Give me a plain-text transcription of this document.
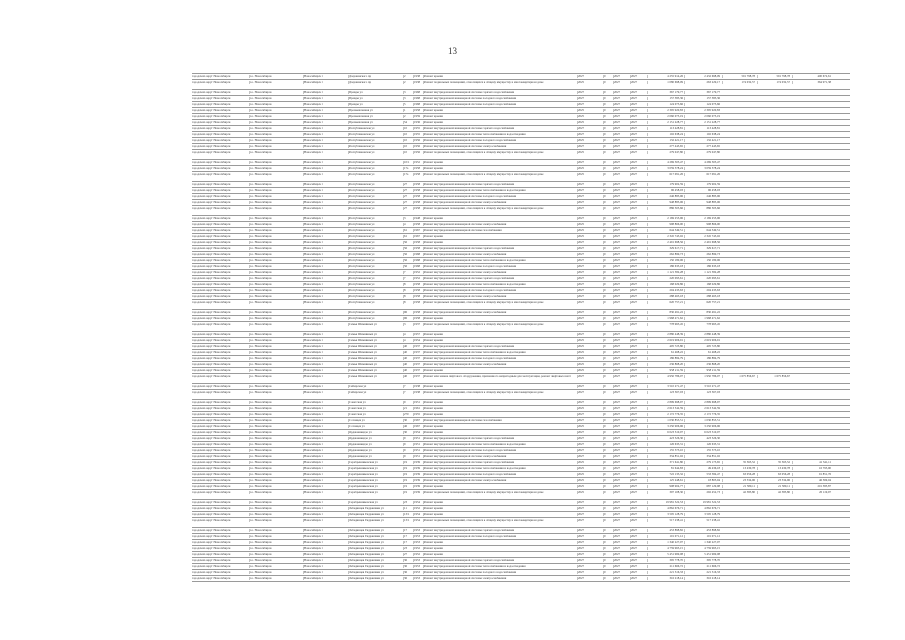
13
городской округ Новосибирск	г.о. Новосибирск	Новосибирск г	Дзержинского пр	2	1938	Ремонт крыши	2027	0	2027	2027	4 255 914,26	2 432 698,09	591 798,78	591 798,78	400 672,61
городской округ Новосибирск	г.о. Новосибирск	Новосибирск г	Дзержинского пр	2	1938	Ремонт подвальных помещений, относящихся к общему имуществу в многоквартирном доме	2025	0	2027	2027	1 080 698,09	263 229,17	174 032,57	174 032,57	364 971,38
городской округ Новосибирск	г.о. Новосибирск	Новосибирск г	Правды ул	3	1968	Ремонт внутридомовой инженерной системы горячего водоснабжения	2027	0	2027	2027	367 179,77	367 179,77
городской округ Новосибирск	г.о. Новосибирск	Новосибирск г	Правды ул	3	1968	Ремонт внутридомовой инженерной системы холодного водоснабжения	2027	0	2027	2027	157 383,36	157 383,36
городской округ Новосибирск	г.о. Новосибирск	Новосибирск г	Правды ул	5	1968	Ремонт внутридомовой инженерной системы холодного водоснабжения	2027	0	2027	2027	124 073,66	124 073,66
городской округ Новосибирск	г.о. Новосибирск	Новосибирск г	Промышленная ул	1	1958	Ремонт крыши	2025	0	2027	2027	2 395 920,83	2 395 920,83
городской округ Новосибирск	г.о. Новосибирск	Новосибирск г	Промышленная ул	2	1959	Ремонт крыши	2025	0	2027	2027	2 060 075,19	2 060 075,19
городской округ Новосибирск	г.о. Новосибирск	Новосибирск г	Промышленная ул	54	1936	Ремонт крыши	2025	0	2027	2027	2 151 228,77	2 151 228,77
городской округ Новосибирск	г.о. Новосибирск	Новосибирск г	Республиканская ул	10	1955	Ремонт внутридомовой инженерной системы горячего водоснабжения	2027	0	2027	2027	113 428,81	113 428,81
городской округ Новосибирск	г.о. Новосибирск	Новосибирск г	Республиканская ул	10	1955	Ремонт внутридомовой инженерной системы теплоснабжения и водоотведения	2027	0	2027	2027	102 638,24	102 638,24
городской округ Новосибирск	г.о. Новосибирск	Новосибирск г	Республиканская ул	10	1956	Ремонт внутридомовой инженерной системы холодного водоснабжения	2025	0	2027	2027	132 421,17	132 421,17
городской округ Новосибирск	г.о. Новосибирск	Новосибирск г	Республиканская ул	10	1956	Ремонт внутридомовой инженерной системы электроснабжения	2027	0	2027	2027	277 443,65	277 443,65
городской округ Новосибирск	г.о. Новосибирск	Новосибирск г	Республиканская ул	10	1956	Ремонт подвальных помещений, относящихся к общему имуществу в многоквартирном доме	2025	0	2027	2027	279 047,80	279 047,80
городской округ Новосибирск	г.о. Новосибирск	Новосибирск г	Республиканская ул	10/1	1952	Ремонт крыши	2027	0	2027	2027	4 269 303,47	4 269 303,47
городской округ Новосибирск	г.о. Новосибирск	Новосибирск г	Республиканская ул	17а	1958	Ремонт крыши	2025	0	2027	2027	3 059 578,24	3 059 578,24
городской округ Новосибирск	г.о. Новосибирск	Новосибирск г	Республиканская ул	17а	1958	Ремонт подвальных помещений, относящихся к общему имуществу в многоквартирном доме	2025	0	2027	2027	617 091,26	617 091,26
городской округ Новосибирск	г.о. Новосибирск	Новосибирск г	Республиканская ул	27	1958	Ремонт внутридомовой инженерной системы горячего водоснабжения	2027	0	2027	2027	179 902,59	179 902,59
городской округ Новосибирск	г.о. Новосибирск	Новосибирск г	Республиканская ул	27	1958	Ремонт внутридомовой инженерной системы теплоснабжения и водоотведения	2027	0	2027	2027	96 458,03	96 458,03
городской округ Новосибирск	г.о. Новосибирск	Новосибирск г	Республиканская ул	27	1958	Ремонт внутридомовой инженерной системы холодного водоснабжения	2027	0	2027	2027	246 883,96	246 883,96
городской округ Новосибирск	г.о. Новосибирск	Новосибирск г	Республиканская ул	27	1958	Ремонт внутридомовой инженерной системы электроснабжения	2027	0	2027	2027	948 885,06	948 885,06
городской округ Новосибирск	г.о. Новосибирск	Новосибирск г	Республиканская ул	27	1958	Ремонт подвальных помещений, относящихся к общему имуществу в многоквартирном доме	2027	0	2027	2027	886 505,66	886 505,66
городской округ Новосибирск	г.о. Новосибирск	Новосибирск г	Республиканская ул	3	1948	Ремонт крыши	2027	0	2027	2027	2 169 253,96	2 169 253,96
городской округ Новосибирск	г.о. Новосибирск	Новосибирск г	Республиканская ул	4	1958	Ремонт внутридомовой инженерной системы электроснабжения	2025	0	2027	2027	998 866,00	998 866,00
городской округ Новосибирск	г.о. Новосибирск	Новосибирск г	Республиканская ул	61	1967	Ремонт внутридомовой инженерной системы газоснабжения	2025	0	2027	2027	644 349,51	644 349,51
городской округ Новосибирск	г.о. Новосибирск	Новосибирск г	Республиканская ул	61	1967	Ремонт крыши	2025	0	2027	2027	2 345 743,02	2 345 743,02
городской округ Новосибирск	г.о. Новосибирск	Новосибирск г	Республиканская ул	56	1958	Ремонт крыши	2027	0	2027	2027	2 491 698,56	2 491 698,56
городской округ Новосибирск	г.о. Новосибирск	Новосибирск г	Республиканская ул	56	1958	Ремонт внутридомовой инженерной системы горячего водоснабжения	2027	0	2027	2027	329 617,71	329 617,71
городской округ Новосибирск	г.о. Новосибирск	Новосибирск г	Республиканская ул	56	1968	Ремонт внутридомовой инженерной системы электроснабжения	2027	0	2027	2027	262 899,73	262 899,73
городской округ Новосибирск	г.о. Новосибирск	Новосибирск г	Республиканская ул	56	1968	Ремонт внутридомовой инженерной системы теплоснабжения и водоотведения	2027	0	2027	2027	150 180,06	150 180,06
городской округ Новосибирск	г.о. Новосибирск	Новосибирск г	Республиканская ул	56	1968	Ремонт внутридомовой инженерной системы холодного водоснабжения	2027	0	2027	2027	186 633,18	186 633,18
городской округ Новосибирск	г.о. Новосибирск	Новосибирск г	Республиканская ул	7	1952	Ремонт внутридомовой инженерной системы электроснабжения	2027	0	2027	2027	1 121 582,28	1 121 582,28
городской округ Новосибирск	г.о. Новосибирск	Новосибирск г	Республиканская ул	7	1952	Ремонт внутридомовой инженерной системы горячего водоснабжения	2027	0	2027	2027	220 093,61	220 093,61
городской округ Новосибирск	г.о. Новосибирск	Новосибирск г	Республиканская ул	8	1958	Ремонт внутридомовой инженерной системы теплоснабжения и водоотведения	2027	0	2027	2027	168 029,86	168 029,86
городской округ Новосибирск	г.о. Новосибирск	Новосибирск г	Республиканская ул	8	1958	Ремонт внутридомовой инженерной системы холодного водоснабжения	2027	0	2027	2027	204 433,63	204 433,63
городской округ Новосибирск	г.о. Новосибирск	Новосибирск г	Республиканская ул	8	1958	Ремонт внутридомовой инженерной системы электроснабжения	2027	0	2027	2027	288 463,18	288 463,18
городской округ Новосибирск	г.о. Новосибирск	Новосибирск г	Республиканская ул	8	1958	Ремонт подвальных помещений, относящихся к общему имуществу в многоквартирном доме	2027	0	2027	2027	620 757,21	620 757,21
городской округ Новосибирск	г.о. Новосибирск	Новосибирск г	Республиканская ул	96	1958	Ремонт внутридомовой инженерной системы электроснабжения	2027	0	2027	2027	830 491,22	830 491,22
городской округ Новосибирск	г.о. Новосибирск	Новосибирск г	Республиканская ул	96	1958	Ремонт крыши	2027	0	2027	2027	1 968 471,62	1 968 471,62
городской округ Новосибирск	г.о. Новосибирск	Новосибирск г	Семьи Шамшиных ул	3	1937	Ремонт подвальных помещений, относящихся к общему имуществу в многоквартирном доме	2025	0	2027	2027	778 963,45	778 963,45
городской округ Новосибирск	г.о. Новосибирск	Новосибирск г	Семьи Шамшиных ул	4	1957	Ремонт крыши	2027	0	2027	2027	2 880 448,39	2 880 448,39
городской округ Новосибирск	г.о. Новосибирск	Новосибирск г	Семьи Шамшиных ул	4	1954	Ремонт крыши	2025	0	2027	2027	2 619 906,91	2 619 906,91
городской округ Новосибирск	г.о. Новосибирск	Новосибирск г	Семьи Шамшиных ул	40	1937	Ремонт внутридомовой инженерной системы горячего водоснабжения	2025	0	2027	2027	405 725,80	405 725,80
городской округ Новосибирск	г.о. Новосибирск	Новосибирск г	Семьи Шамшиных ул	40	1937	Ремонт внутридомовой инженерной системы теплоснабжения и водоотведения	2025	0	2027	2027	61 468,22	61 468,22
городской округ Новосибирск	г.о. Новосибирск	Новосибирск г	Семьи Шамшиных ул	40	1937	Ремонт внутридомовой инженерной системы холодного водоснабжения	2025	0	2027	2027	186 884,79	186 884,79
городской округ Новосибирск	г.о. Новосибирск	Новосибирск г	Семьи Шамшиных ул	40	1937	Ремонт внутридомовой инженерной системы электроснабжения	2025	0	2027	2027	236 868,20	236 868,20
городской округ Новосибирск	г.о. Новосибирск	Новосибирск г	Семьи Шамшиных ул	40	1937	Ремонт крыши	2025	0	2027	2027	958 211,59	958 211,59
городской округ Новосибирск	г.о. Новосибирск	Новосибирск г	Семьи Шамшиных ул	40	1937	Ремонт или замена лифтового оборудования, признанного непригодным для эксплуатации, ремонт лифтовых шахт	2027	0	2027	2027	4 950 786,07	1 950 786,07	1 675 856,67	1 675 856,67
городской округ Новосибирск	г.о. Новосибирск	Новосибирск г	Сибирская ул	7	1938	Ремонт крыши	2027	0	2027	2027	3 510 271,47	3 510 271,47
городской округ Новосибирск	г.о. Новосибирск	Новосибирск г	Сибирская ул	7	1938	Ремонт подвальных помещений, относящихся к общему имуществу в многоквартирном доме	2027	0	2027	2027	123 567,03	123 567,03
городской округ Новосибирск	г.о. Новосибирск	Новосибирск г	Советская ул	9	1951	Ремонт крыши	2027	0	2027	2027	2 899 698,97	2 899 698,97
городской округ Новосибирск	г.о. Новосибирск	Новосибирск г	Советская ул	21	1961	Ремонт крыши	2025	0	2027	2027	2 613 542,59	2 613 542,59
городской округ Новосибирск	г.о. Новосибирск	Новосибирск г	Советская ул	270	1955	Ремонт крыши	2027	0	2027	2027	2 172 776,35	2 172 776,35
городской округ Новосибирск	г.о. Новосибирск	Новосибирск г	Сотовцев ул	30	1967	Ремонт внутридомовой инженерной системы газоснабжения	2027	0	2027	2027	1 030 853,51	1 030 853,51
городской округ Новосибирск	г.о. Новосибирск	Новосибирск г	Сотовцев ул	46	1967	Ремонт крыши	2025	0	2027	2027	3 250 906,96	3 250 906,96
городской округ Новосибирск	г.о. Новосибирск	Новосибирск г	Орджоникидзе ул	30	1954	Ремонт крыши	2027	0	2027	2027	6 023 510,07	6 023 510,07
городской округ Новосибирск	г.о. Новосибирск	Новосибирск г	Орджоникидзе ул	9	1951	Ремонт внутридомовой инженерной системы горячего водоснабжения	2027	0	2027	2027	423 526,30	423 526,30
городской округ Новосибирск	г.о. Новосибирск	Новосибирск г	Орджоникидзе ул	9	1951	Ремонт внутридомовой инженерной системы теплоснабжения и водоотведения	2027	0	2027	2027	126 633,31	126 633,31
городской округ Новосибирск	г.о. Новосибирск	Новосибирск г	Орджоникидзе ул	9	1951	Ремонт внутридомовой инженерной системы холодного водоснабжения	2027	0	2027	2027	155 573,10	155 573,10
городской округ Новосибирск	г.о. Новосибирск	Новосибирск г	Орджоникидзе ул	9	1951	Ремонт внутридомовой инженерной системы электроснабжения	2027	0	2027	2027	334 851,02	334 851,02
городской округ Новосибирск	г.о. Новосибирск	Новосибирск г	Серебренниковская ул	19	1939	Ремонт внутридомовой инженерной системы горячего водоснабжения	2025	0	2027	2027	371 641,80	279 173,65	35 563,52	35 563,52	41 341,11
городской округ Новосибирск	г.о. Новосибирск	Новосибирск г	Серебренниковская ул	19	1939	Ремонт внутридомовой инженерной системы теплоснабжения и водоотведения	2025	0	2027	2027	81 644,83	49 436,18	13 430,78	13 430,78	16 795,90
городской округ Новосибирск	г.о. Новосибирск	Новосибирск г	Серебренниковская ул	19	1939	Ремонт внутридомовой инженерной системы холодного водоснабжения	2025	0	2027	2027	722 133,32	533 584,47	63 056,28	63 056,28	91 851,76
городской округ Новосибирск	г.о. Новосибирск	Новосибирск г	Серебренниковская ул	19	1939	Ремонт внутридомовой инженерной системы электроснабжения	2025	0	2027	2027	125 248,61	18 803,04	23 334,96	23 334,96	46 369,04
городской округ Новосибирск	г.о. Новосибирск	Новосибирск г	Серебренниковская ул	19	1939	Ремонт крыши	2025	0	2027	2027	908 904,77	687 129,98	21 589,11	21 589,11	201 383,87
городской округ Новосибирск	г.о. Новосибирск	Новосибирск г	Серебренниковская ул	19	1939	Ремонт подвальных помещений, относящихся к общему имуществу в многоквартирном доме	2025	0	2027	2027	397 108,30	292 452,73	42 383,80	42 383,80	20 119,97
городской округ Новосибирск	г.о. Новосибирск	Новосибирск г	Серебренниковская ул	23	1954	Ремонт крыши	2027	0	2027	2027	19 981 522,53	19 981 522,53
городской округ Новосибирск	г.о. Новосибирск	Новосибирск г	Лебединцев Гидравлики ул	11	1952	Ремонт крыши	2027	0	2027	2027	4 862 676,71	4 862 676,71
городской округ Новосибирск	г.о. Новосибирск	Новосибирск г	Лебединцев Гидравлики ул	13/1	1954	Ремонт крыши	2027	0	2027	2027	3 505 128,79	3 505 128,79
городской округ Новосибирск	г.о. Новосибирск	Новосибирск г	Лебединцев Гидравлики ул	13/1	1954	Ремонт подвальных помещений, относящихся к общему имуществу в многоквартирном доме	2027	0	2027	2027	517 238,41	517 238,41
городской округ Новосибирск	г.о. Новосибирск	Новосибирск г	Лебединцев Гидравлики ул	17	1953	Ремонт внутридомовой инженерной системы горячего водоснабжения	2027	0	2027	2027	453 898,82	453 898,82
городской округ Новосибирск	г.о. Новосибирск	Новосибирск г	Лебединцев Гидравлики ул	17	1953	Ремонт внутридомовой инженерной системы холодного водоснабжения	2027	0	2027	2027	101 071,12	101 071,12
городской округ Новосибирск	г.о. Новосибирск	Новосибирск г	Лебединцев Гидравлики ул	17	1953	Ремонт крыши	2027	0	2027	2027	1 340 227,07	1 340 227,07
городской округ Новосибирск	г.о. Новосибирск	Новосибирск г	Лебединцев Гидравлики ул	23	1952	Ремонт крыши	2027	0	2027	2027	4 759 965,15	4 759 965,15
городской округ Новосибирск	г.о. Новосибирск	Новосибирск г	Лебединцев Гидравлики ул	27	1952	Ремонт крыши	2027	0	2027	2027	5 451 969,08	5 451 969,08
городской округ Новосибирск	г.о. Новосибирск	Новосибирск г	Лебединцев Гидравлики ул	36	1953	Ремонт внутридомовой инженерной системы горячего водоснабжения	2027	0	2027	2027	395 778,70	395 778,70
городской округ Новосибирск	г.о. Новосибирск	Новосибирск г	Лебединцев Гидравлики ул	36	1953	Ремонт внутридомовой инженерной системы теплоснабжения и водоотведения	2027	0	2027	2027	211 666,72	211 666,72
городской округ Новосибирск	г.о. Новосибирск	Новосибирск г	Лебединцев Гидравлики ул	36	1953	Ремонт внутридомовой инженерной системы холодного водоснабжения	2027	0	2027	2027	221 516,33	221 516,33
городской округ Новосибирск	г.о. Новосибирск	Новосибирск г	Лебединцев Гидравлики ул	36	1953	Ремонт внутридомовой инженерной системы электроснабжения	2027	0	2027	2027	316 218,14	316 218,14
